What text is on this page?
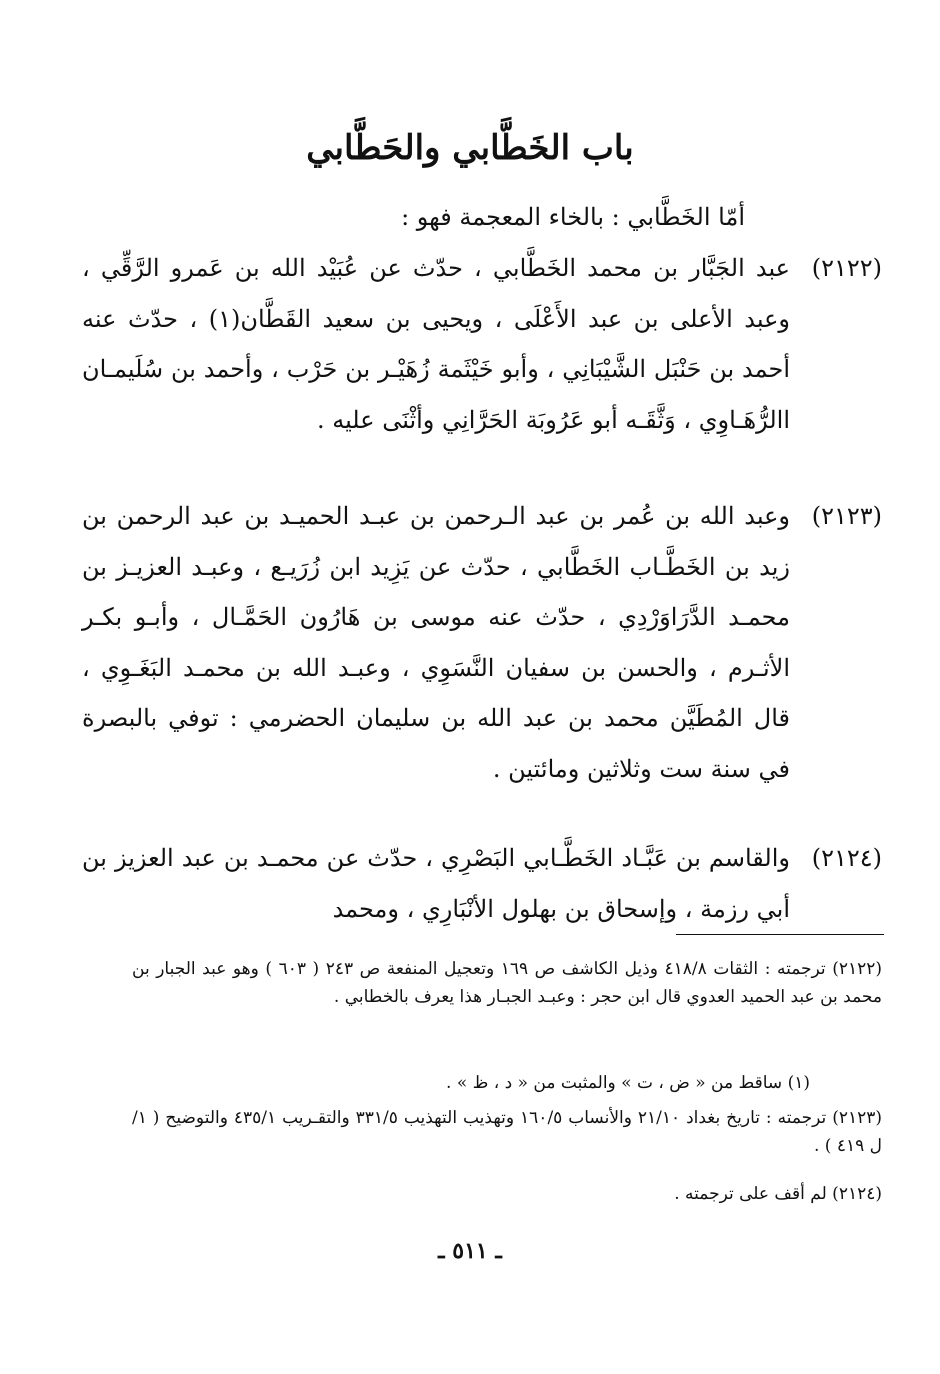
باب الخَطَّابي والحَطَّابي

أمّا الخَطَّابي : بالخاء المعجمة فهو :

(٢١٢٢)
عبد الجَبَّار بن محمد الخَطَّابي ، حدّث عن عُبَيْد الله بن عَمرو الرَّقِّي ، وعبد الأعلى بن عبد الأَعْلَى ، ويحيى بن سعيد القَطَّان(١) ، حدّث عنه أحمد بن حَنْبَل الشَّيْبَانِي ، وأبو خَيْثَمة زُهَيْـر بن حَرْب ، وأحمد بن سُلَيمـان االرُّهَـاوِي ، وَثَّقَـه أبو عَرُوبَة الحَرَّانِي وأثْنَى عليه .
(٢١٢٣)
وعبد الله بن عُمر بن عبد الـرحمن بن عبـد الحميـد بن عبد الرحمن بن زيد بن الخَطَّـاب الخَطَّابي ، حدّث عن يَزِيد ابن زُرَيـع ، وعبـد العزيـز بن محمـد الدَّرَاوَرْدِي ، حدّث عنه موسى بن هَارُون الحَمَّـال ، وأبـو بكـر الأثـرم ، والحسن بن سفيان النَّسَوِي ، وعبـد الله بن محمـد البَغَـوِي ، قال المُطَيَّن محمد بن عبد الله بن سليمان الحضرمي : توفي بالبصرة في سنة ست وثلاثين ومائتين .
(٢١٢٤)
والقاسم بن عَبَّـاد الخَطَّـابي البَصْرِي ، حدّث عن محمـد بن عبد العزيز بن أبي رزمة ، وإسحاق بن بهلول الأنْبَارِي ، ومحمد

(٢١٢٢) ترجمته : الثقات ٤١٨/٨ وذيل الكاشف ص ١٦٩ وتعجيل المنفعة ص ٢٤٣ ( ٦٠٣ ) وهو عبد الجبار بن محمد بن عبد الحميد العدوي قال ابن حجر : وعبـد الجبـار هذا يعرف بالخطابي .

(١) ساقط من « ض ، ت » والمثبت من « د ، ظ » .

(٢١٢٣) ترجمته : تاريخ بغداد ٢١/١٠ والأنساب ١٦٠/٥ وتهذيب التهذيب ٣٣١/٥ والتقـريب ٤٣٥/١ والتوضيح ( ١/ل ٤١٩ ) .

(٢١٢٤) لم أقف على ترجمته .

ـ ٥١١ ـ
